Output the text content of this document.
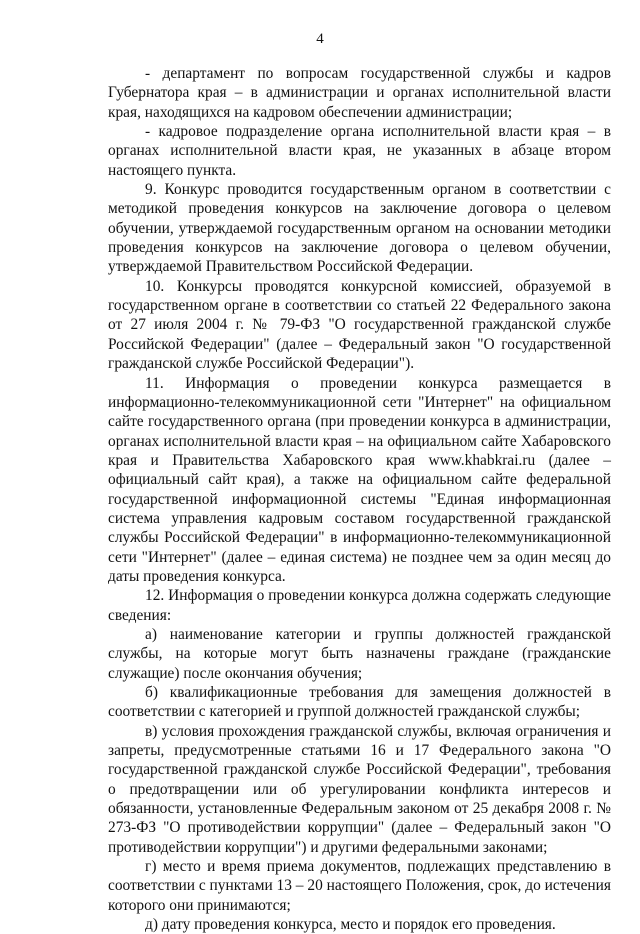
4

- департамент по вопросам государственной службы и кадров Губернатора края – в администрации и органах исполнительной власти края, находящихся на кадровом обеспечении администрации;

- кадровое подразделение органа исполнительной власти края – в органах исполнительной власти края, не указанных в абзаце втором настоящего пункта.

9. Конкурс проводится государственным органом в соответствии с методикой проведения конкурсов на заключение договора о целевом обучении, утверждаемой государственным органом на основании методики проведения конкурсов на заключение договора о целевом обучении, утверждаемой Правительством Российской Федерации.

10. Конкурсы проводятся конкурсной комиссией, образуемой в государственном органе в соответствии со статьей 22 Федерального закона от 27 июля 2004 г. № 79-ФЗ "О государственной гражданской службе Российской Федерации" (далее – Федеральный закон "О государственной гражданской службе Российской Федерации").

11. Информация о проведении конкурса размещается в информационно-телекоммуникационной сети "Интернет" на официальном сайте государственного органа (при проведении конкурса в администрации, органах исполнительной власти края – на официальном сайте Хабаровского края и Правительства Хабаровского края www.khabkrai.ru (далее – официальный сайт края), а также на официальном сайте федеральной государственной информационной системы "Единая информационная система управления кадровым составом государственной гражданской службы Российской Федерации" в информационно-телекоммуникационной сети "Интернет" (далее – единая система) не позднее чем за один месяц до даты проведения конкурса.

12. Информация о проведении конкурса должна содержать следующие сведения:

а) наименование категории и группы должностей гражданской службы, на которые могут быть назначены граждане (гражданские служащие) после окончания обучения;

б) квалификационные требования для замещения должностей в соответствии с категорией и группой должностей гражданской службы;

в) условия прохождения гражданской службы, включая ограничения и запреты, предусмотренные статьями 16 и 17 Федерального закона "О государственной гражданской службе Российской Федерации", требования о предотвращении или об урегулировании конфликта интересов и обязанности, установленные Федеральным законом от 25 декабря 2008 г. № 273-ФЗ "О противодействии коррупции" (далее – Федеральный закон "О противодействии коррупции") и другими федеральными законами;

г) место и время приема документов, подлежащих представлению в соответствии с пунктами 13 – 20 настоящего Положения, срок, до истечения которого они принимаются;

д) дату проведения конкурса, место и порядок его проведения.
